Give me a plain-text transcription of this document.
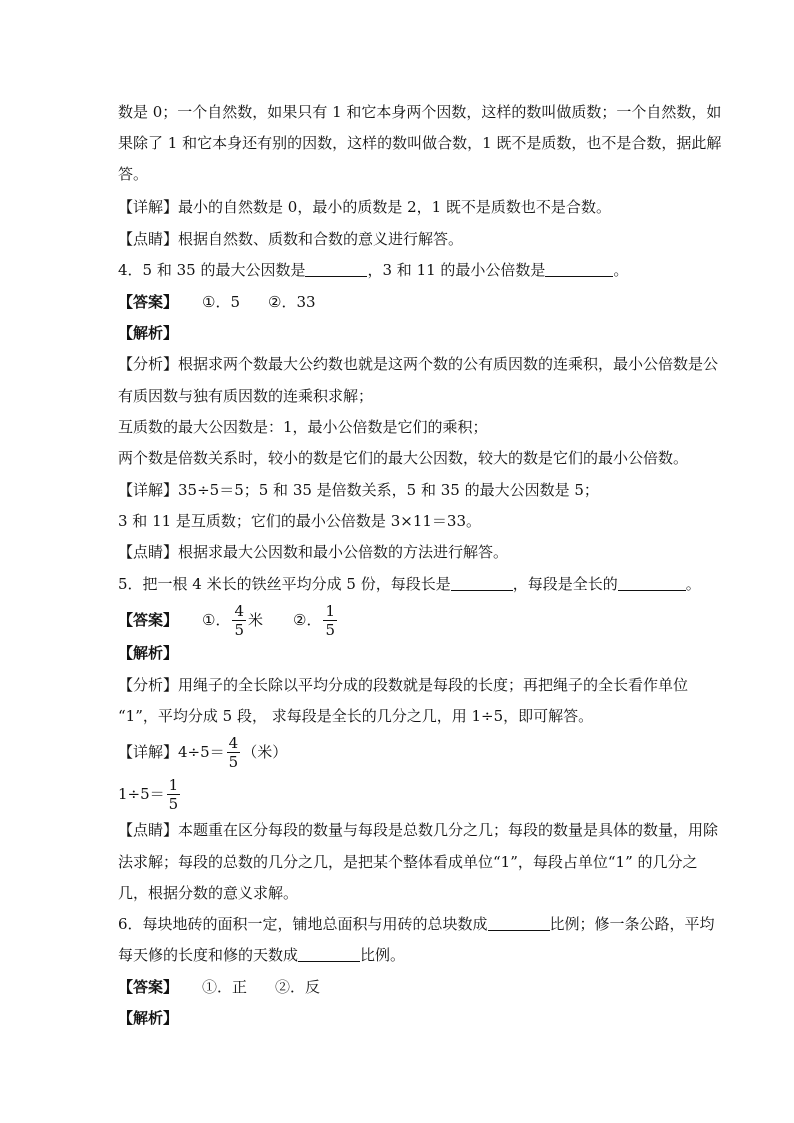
数是 0；一个自然数，如果只有 1 和它本身两个因数，这样的数叫做质数；一个自然数，如
果除了 1 和它本身还有别的因数，这样的数叫做合数，1 既不是质数，也不是合数，据此解
答。
【详解】最小的自然数是 0，最小的质数是 2，1 既不是质数也不是合数。
【点睛】根据自然数、质数和合数的意义进行解答。
4．5 和 35 的最大公因数是	，3 和 11 的最小公倍数是	。
【答案】 ①．5 ②．33
【解析】
【分析】根据求两个数最大公约数也就是这两个数的公有质因数的连乘积，最小公倍数是公
有质因数与独有质因数的连乘积求解；
互质数的最大公因数是：1，最小公倍数是它们的乘积；
两个数是倍数关系时，较小的数是它们的最大公因数，较大的数是它们的最小公倍数。
【详解】35÷5＝5；5 和 35 是倍数关系，5 和 35 的最大公因数是 5；
3 和 11 是互质数；它们的最小公倍数是 3×11＝33。
【点睛】根据求最大公因数和最小公倍数的方法进行解答。
5．把一根 4 米长的铁丝平均分成 5 份，每段长是	，每段是全长的	。
【答案】	①． $\frac{4}{5}$ 米 ②． $\frac{1}{5}$
【解析】
【分析】用绳子的全长除以平均分成的段数就是每段的长度；再把绳子的全长看作单位
“1”，平均分成 5 段， 求每段是全长的几分之几，用 1÷5，即可解答。
【详解】$4\div 5= \frac{4}{5}$ （米）
$1\div 5= \frac{1}{5}$
【点睛】本题重在区分每段的数量与每段是总数几分之几；每段的数量是具体的数量，用除
法求解；每段的总数的几分之几，是把某个整体看成单位“1”，每段占单位“1” 的几分之
几，根据分数的意义求解。
6．每块地砖的面积一定，铺地总面积与用砖的总块数成	比例；修一条公路，平均
每天修的长度和修的天数成	比例。
【答案】 ①．正 ②．反
【解析】
